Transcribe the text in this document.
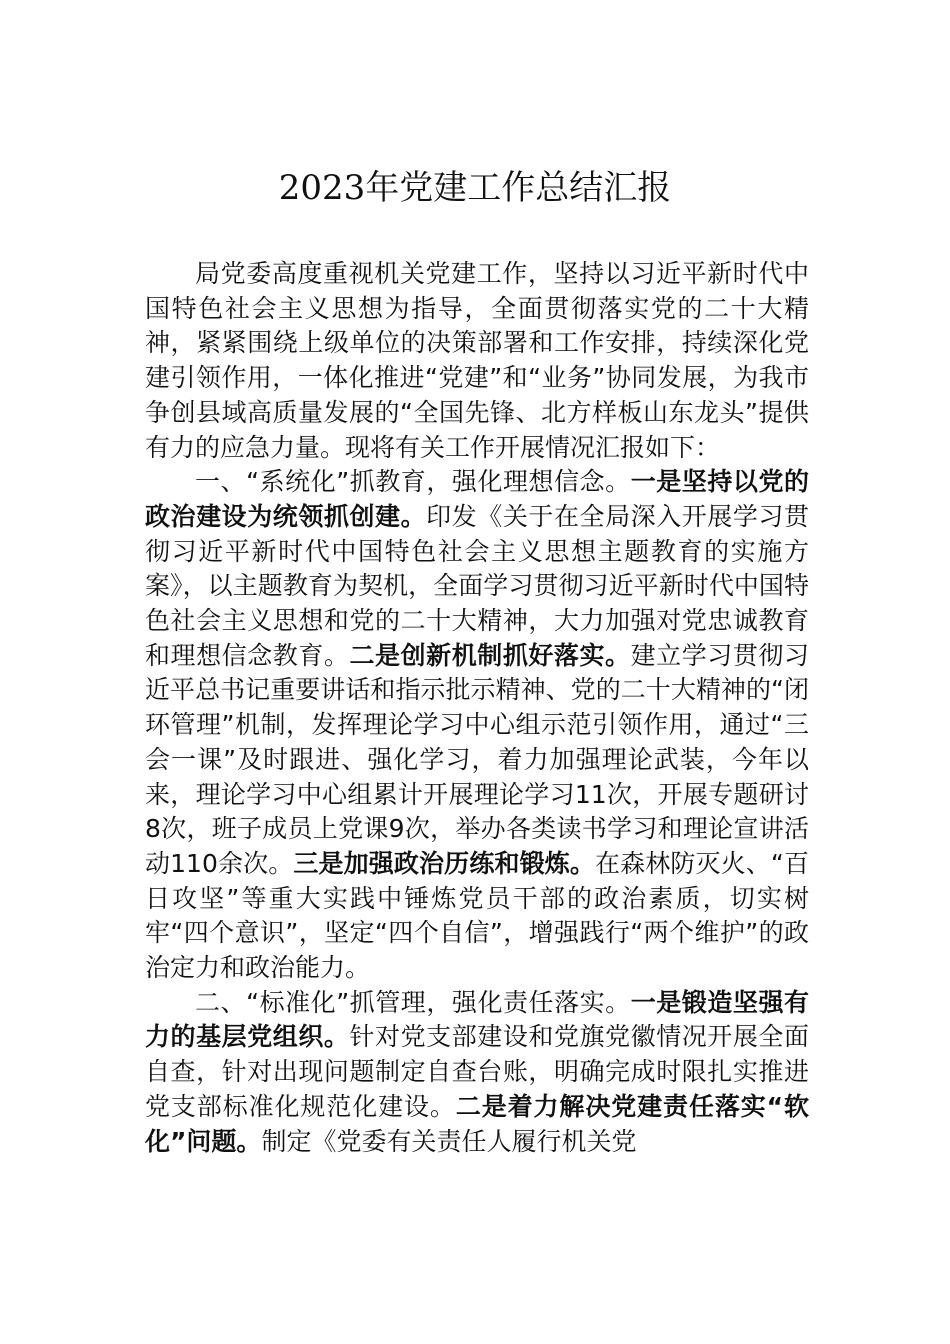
2023年党建工作总结汇报

局党委高度重视机关党建工作，坚持以习近平新时代中国特色社会主义思想为指导，全面贯彻落实党的二十大精神，紧紧围绕上级单位的决策部署和工作安排，持续深化党建引领作用，一体化推进“党建”和“业务”协同发展，为我市争创县域高质量发展的“全国先锋、北方样板山东龙头”提供有力的应急力量。现将有关工作开展情况汇报如下：

一、“系统化”抓教育，强化理想信念。一是坚持以党的政治建设为统领抓创建。印发《关于在全局深入开展学习贯彻习近平新时代中国特色社会主义思想主题教育的实施方案》，以主题教育为契机，全面学习贯彻习近平新时代中国特色社会主义思想和党的二十大精神，大力加强对党忠诚教育和理想信念教育。二是创新机制抓好落实。建立学习贯彻习近平总书记重要讲话和指示批示精神、党的二十大精神的“闭环管理”机制，发挥理论学习中心组示范引领作用，通过“三会一课”及时跟进、强化学习，着力加强理论武装，今年以来，理论学习中心组累计开展理论学习11次，开展专题研讨8次，班子成员上党课9次，举办各类读书学习和理论宣讲活动110余次。三是加强政治历练和锻炼。在森林防灭火、“百日攻坚”等重大实践中锤炼党员干部的政治素质，切实树牢“四个意识”，坚定“四个自信”，增强践行“两个维护”的政治定力和政治能力。

二、“标准化”抓管理，强化责任落实。一是锻造坚强有力的基层党组织。针对党支部建设和党旗党徽情况开展全面自查，针对出现问题制定自查台账，明确完成时限扎实推进党支部标准化规范化建设。二是着力解决党建责任落实“软化”问题。制定《党委有关责任人履行机关党
